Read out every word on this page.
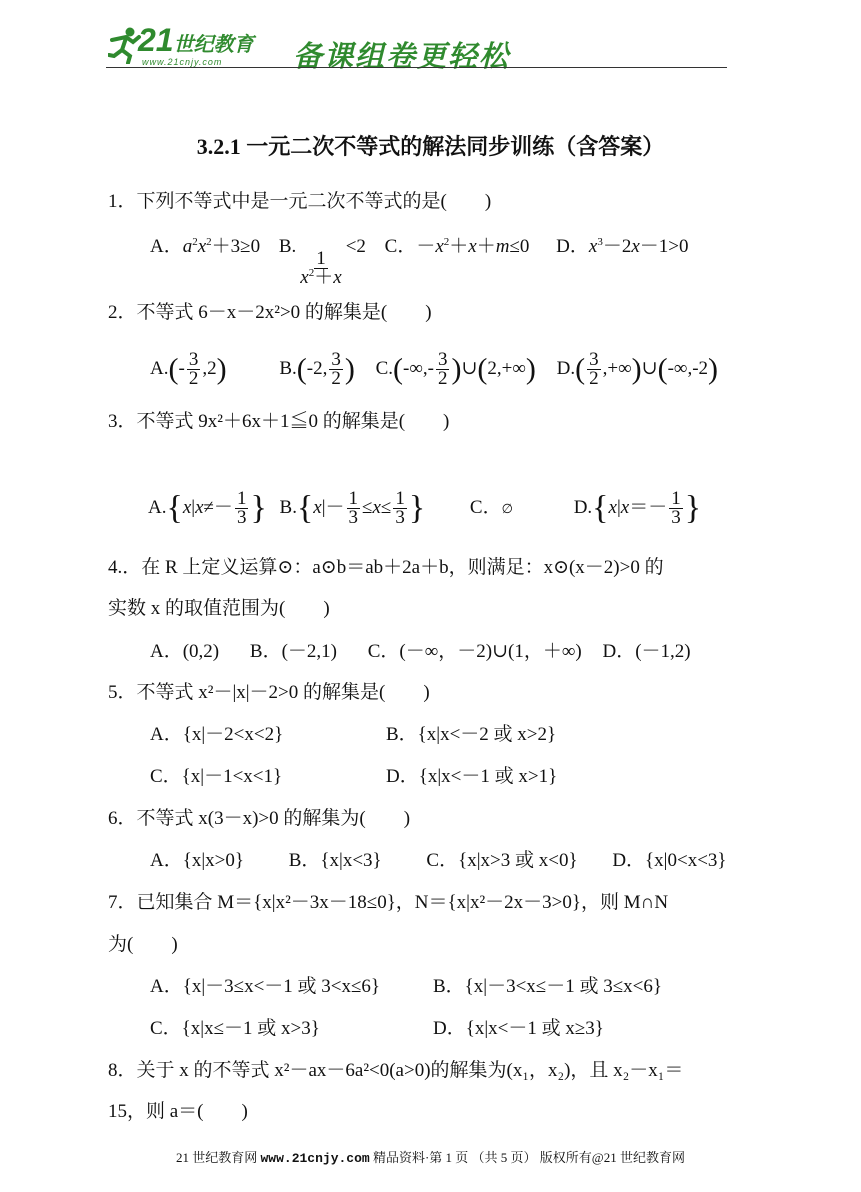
21世纪教育
www.21cnjy.com 备课组卷更轻松
3.2.1 一元二次不等式的解法同步训练（含答案）
1．下列不等式中是一元二次不等式的是(　　)
A．$a^2x^2+3\ge 0$ B.
$\frac{1}{x^2+x}$
<2 C．$-x^2+x+m\le 0$ D．$x^3-2x-1>0$
2．不等式 6－x－2x²>0 的解集是(　　)
$A.(- \frac{3}{2} ,2)$	B.(-2, $\frac{3}{2}$ ) $C.(-\infty,- \frac{3}{2}$ )∪(2,+∞) $D.( \frac{3}{2}$ ,+∞)∪(-∞,-2)
3．不等式 9x²＋6x＋1≦0 的解集是(　　)
$A.\{x|x\ne- \frac{1}{3}$ } $B.\{x|- \frac{1}{3} \le x\le \frac{1}{3}$ } C．∅	$D.\{x|x=- \frac{1}{3}$ }
4.．在 R 上定义运算⊙：a⊙b＝ab＋2a＋b，则满足：x⊙(x－2)>0 的
实数 x 的取值范围为(　　)
A．(0,2) B．(－2,1) C．(－∞，－2)∪(1，＋∞) D．(－1,2)
5．不等式 x²－|x|－2>0 的解集是(　　)
A．{x|－2<x<2}	B．{x|x<－2 或 x>2}
C．{x|－1<x<1}	D．{x|x<－1 或 x>1}
6．不等式 x(3－x)>0 的解集为(　　)
A．{x|x>0} B．{x|x<3} C．{x|x>3 或 x<0} D．{x|0<x<3}
7．已知集合 M＝{x|x²－3x－18≤0}，N＝{x|x²－2x－3>0}，则 M∩N
为(　　)
A．{x|－3≤x<－1 或 3<x≤6}	B．{x|－3<x≤－1 或 3≤x<6}
C．{x|x≤－1 或 x>3}	D．{x|x<－1 或 x≥3}
8．关于 x 的不等式 x²－ax－6a²<0(a>0)的解集为(x₁，x₂)，且 x₂－x₁＝
15，则 a＝(　　)
21 世纪教育网 www.21cnjy.com 精品资料·第 1 页 （共 5 页） 版权所有@21 世纪教育网
